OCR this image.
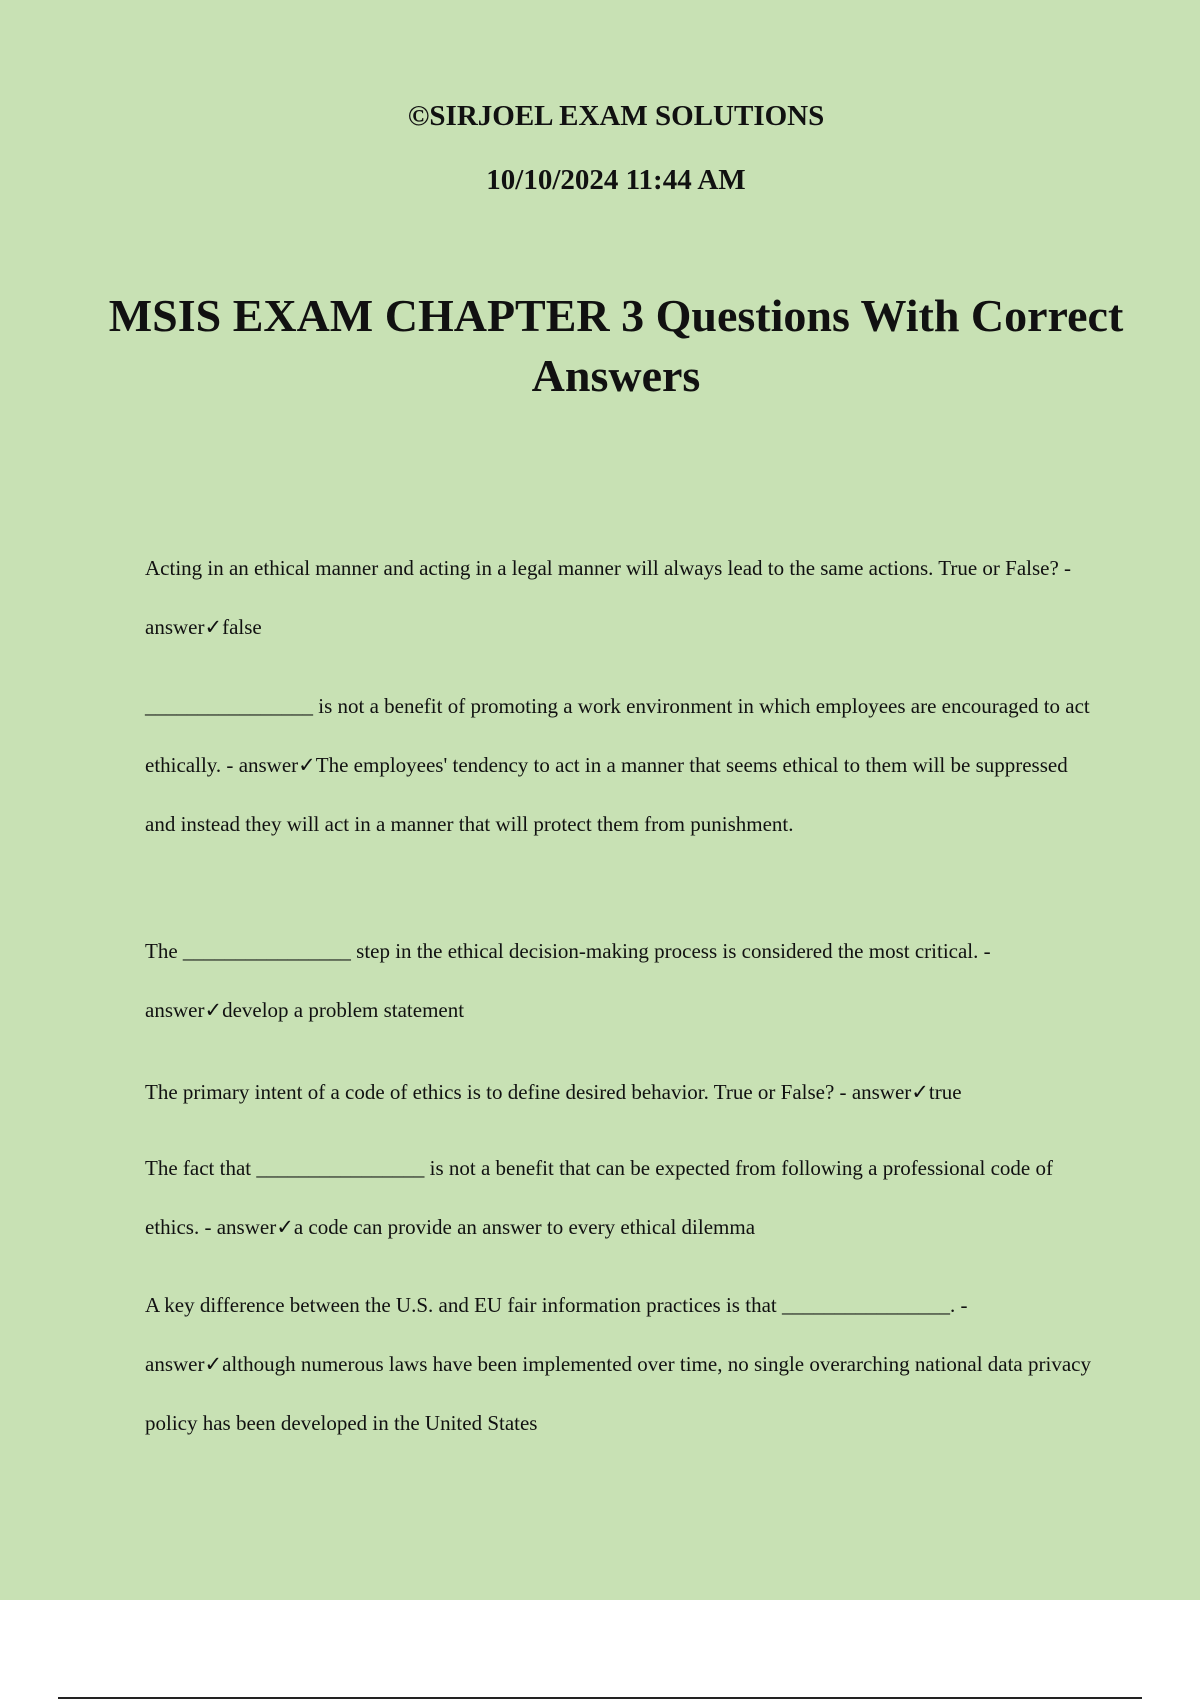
©SIRJOEL EXAM SOLUTIONS
10/10/2024 11:44 AM
MSIS EXAM CHAPTER 3 Questions With Correct Answers

Acting in an ethical manner and acting in a legal manner will always lead to the same actions. True or False? - answer✓false

________________ is not a benefit of promoting a work environment in which employees are encouraged to act ethically. - answer✓The employees' tendency to act in a manner that seems ethical to them will be suppressed and instead they will act in a manner that will protect them from punishment.

The ________________ step in the ethical decision-making process is considered the most critical. - answer✓develop a problem statement

The primary intent of a code of ethics is to define desired behavior. True or False? - answer✓true

The fact that ________________ is not a benefit that can be expected from following a professional code of ethics. - answer✓a code can provide an answer to every ethical dilemma

A key difference between the U.S. and EU fair information practices is that ________________. - answer✓although numerous laws have been implemented over time, no single overarching national data privacy policy has been developed in the United States
